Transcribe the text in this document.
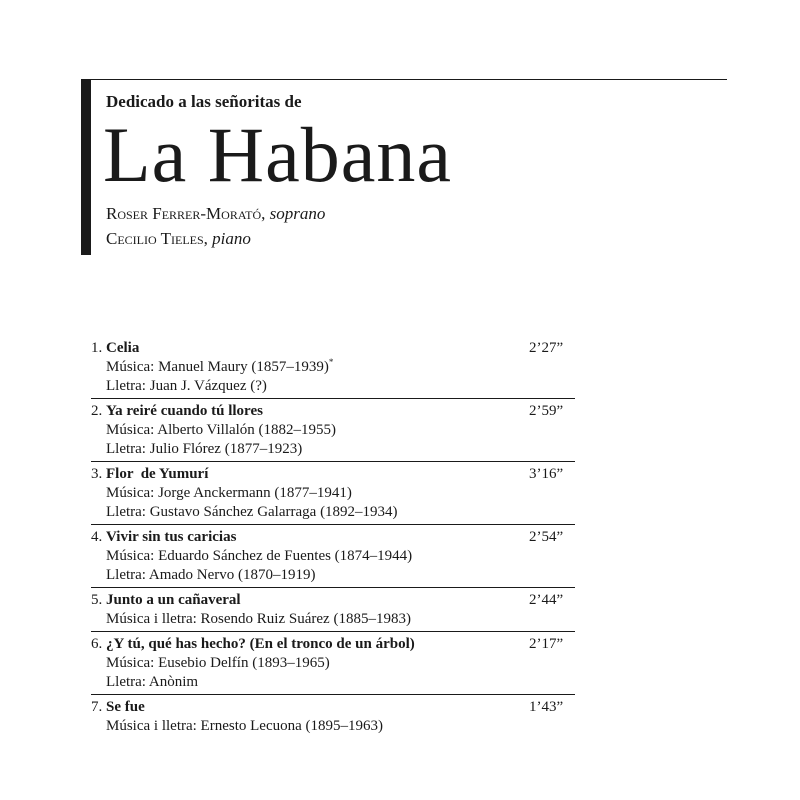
Dedicado a las señoritas de
La Habana
Roser Ferrer-Morató, soprano
Cecilio Tieles, piano
1. Celia	2’27”
Música: Manuel Maury (1857–1939)*
Lletra: Juan J. Vázquez (?)
2. Ya reiré cuando tú llores	2’59”
Música: Alberto Villalón (1882–1955)
Lletra: Julio Flórez (1877–1923)
3. Flor  de Yumurí	3’16”
Música: Jorge Anckermann (1877–1941)
Lletra: Gustavo Sánchez Galarraga (1892–1934)
4. Vivir sin tus caricias	2’54”
Música: Eduardo Sánchez de Fuentes (1874–1944)
Lletra: Amado Nervo (1870–1919)
5. Junto a un cañaveral	2’44”
Música i lletra: Rosendo Ruiz Suárez (1885–1983)
6. ¿Y tú, qué has hecho? (En el tronco de un árbol)	2’17”
Música: Eusebio Delfín (1893–1965)
Lletra: Anònim
7. Se fue	1’43”
Música i lletra: Ernesto Lecuona (1895–1963)
